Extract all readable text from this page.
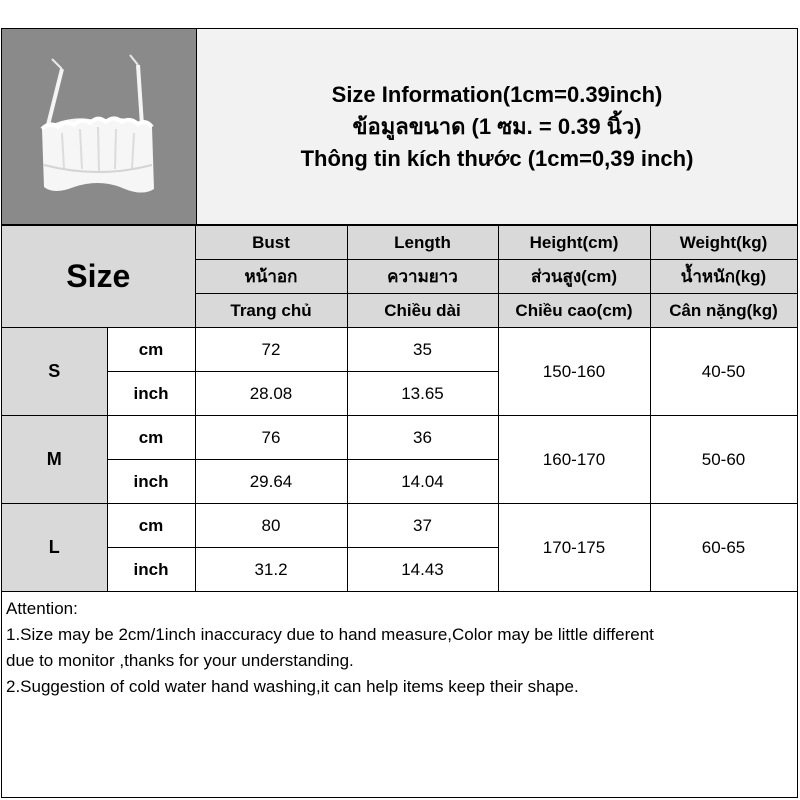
Size Information(1cm=0.39inch)
ข้อมูลขนาด (1 ซม. = 0.39 นิ้ว)
Thông tin kích thước (1cm=0,39 inch)
Size		Bust	Length	Height(cm)	Weight(kg)
		หน้าอก	ความยาว	ส่วนสูง(cm)	น้ำหนัก(kg)
		Trang chủ	Chiều dài	Chiều cao(cm)	Cân nặng(kg)
S	cm	72	35	150-160	40-50
	inch	28.08	13.65		
M	cm	76	36	160-170	50-60
	inch	29.64	14.04		
L	cm	80	37	170-175	60-65
	inch	31.2	14.43		
Attention:
1.Size may be 2cm/1inch inaccuracy due to hand measure,Color may be little different
due to monitor ,thanks for your understanding.
2.Suggestion of cold water hand washing,it can help items keep their shape.
